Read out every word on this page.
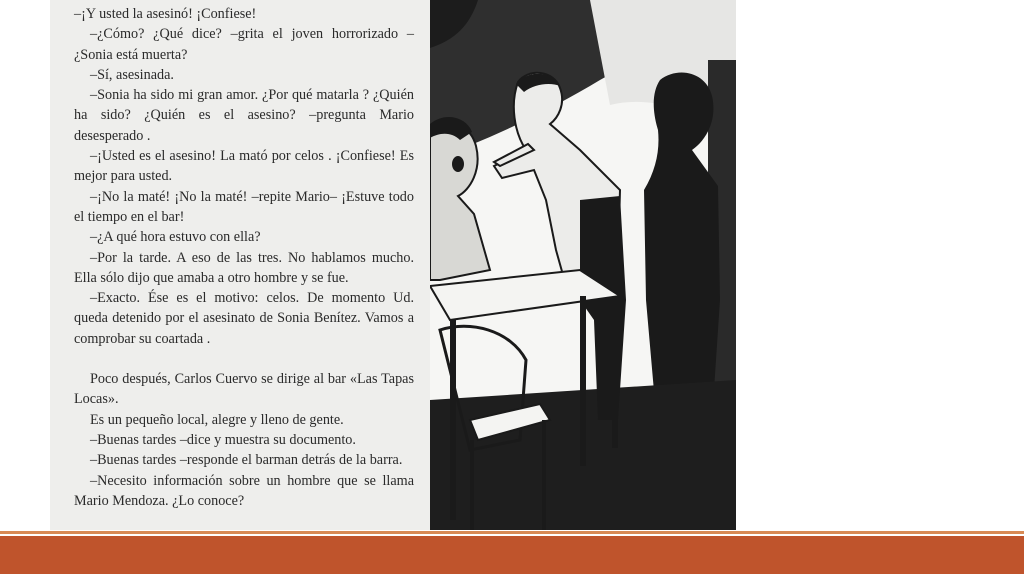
–¡Y usted la asesinó! ¡Confiese!

–¿Cómo? ¿Qué dice? –grita el joven horrorizado – ¿Sonia está muerta?

–Sí, asesinada.

–Sonia ha sido mi gran amor. ¿Por qué matarla ? ¿Quién ha sido? ¿Quién es el asesino? –pregunta Mario desesperado .

–¡Usted es el asesino! La mató por celos . ¡Confiese! Es mejor para usted.

–¡No la maté! ¡No la maté! –repite Mario– ¡Estuve todo el tiempo en el bar!

–¿A qué hora estuvo con ella?

–Por la tarde. A eso de las tres. No hablamos mucho. Ella sólo dijo que amaba a otro hombre y se fue.

–Exacto. Ése es el motivo: celos. De momento Ud. queda detenido por el asesinato de Sonia Benítez. Vamos a comprobar su coartada .

Poco después, Carlos Cuervo se dirige al bar «Las Tapas Locas».

Es un pequeño local, alegre y lleno de gente.

–Buenas tardes –dice y muestra su documento.

–Buenas tardes –responde el barman detrás de la barra.

–Necesito información sobre un hombre que se llama Mario Mendoza. ¿Lo conoce?
